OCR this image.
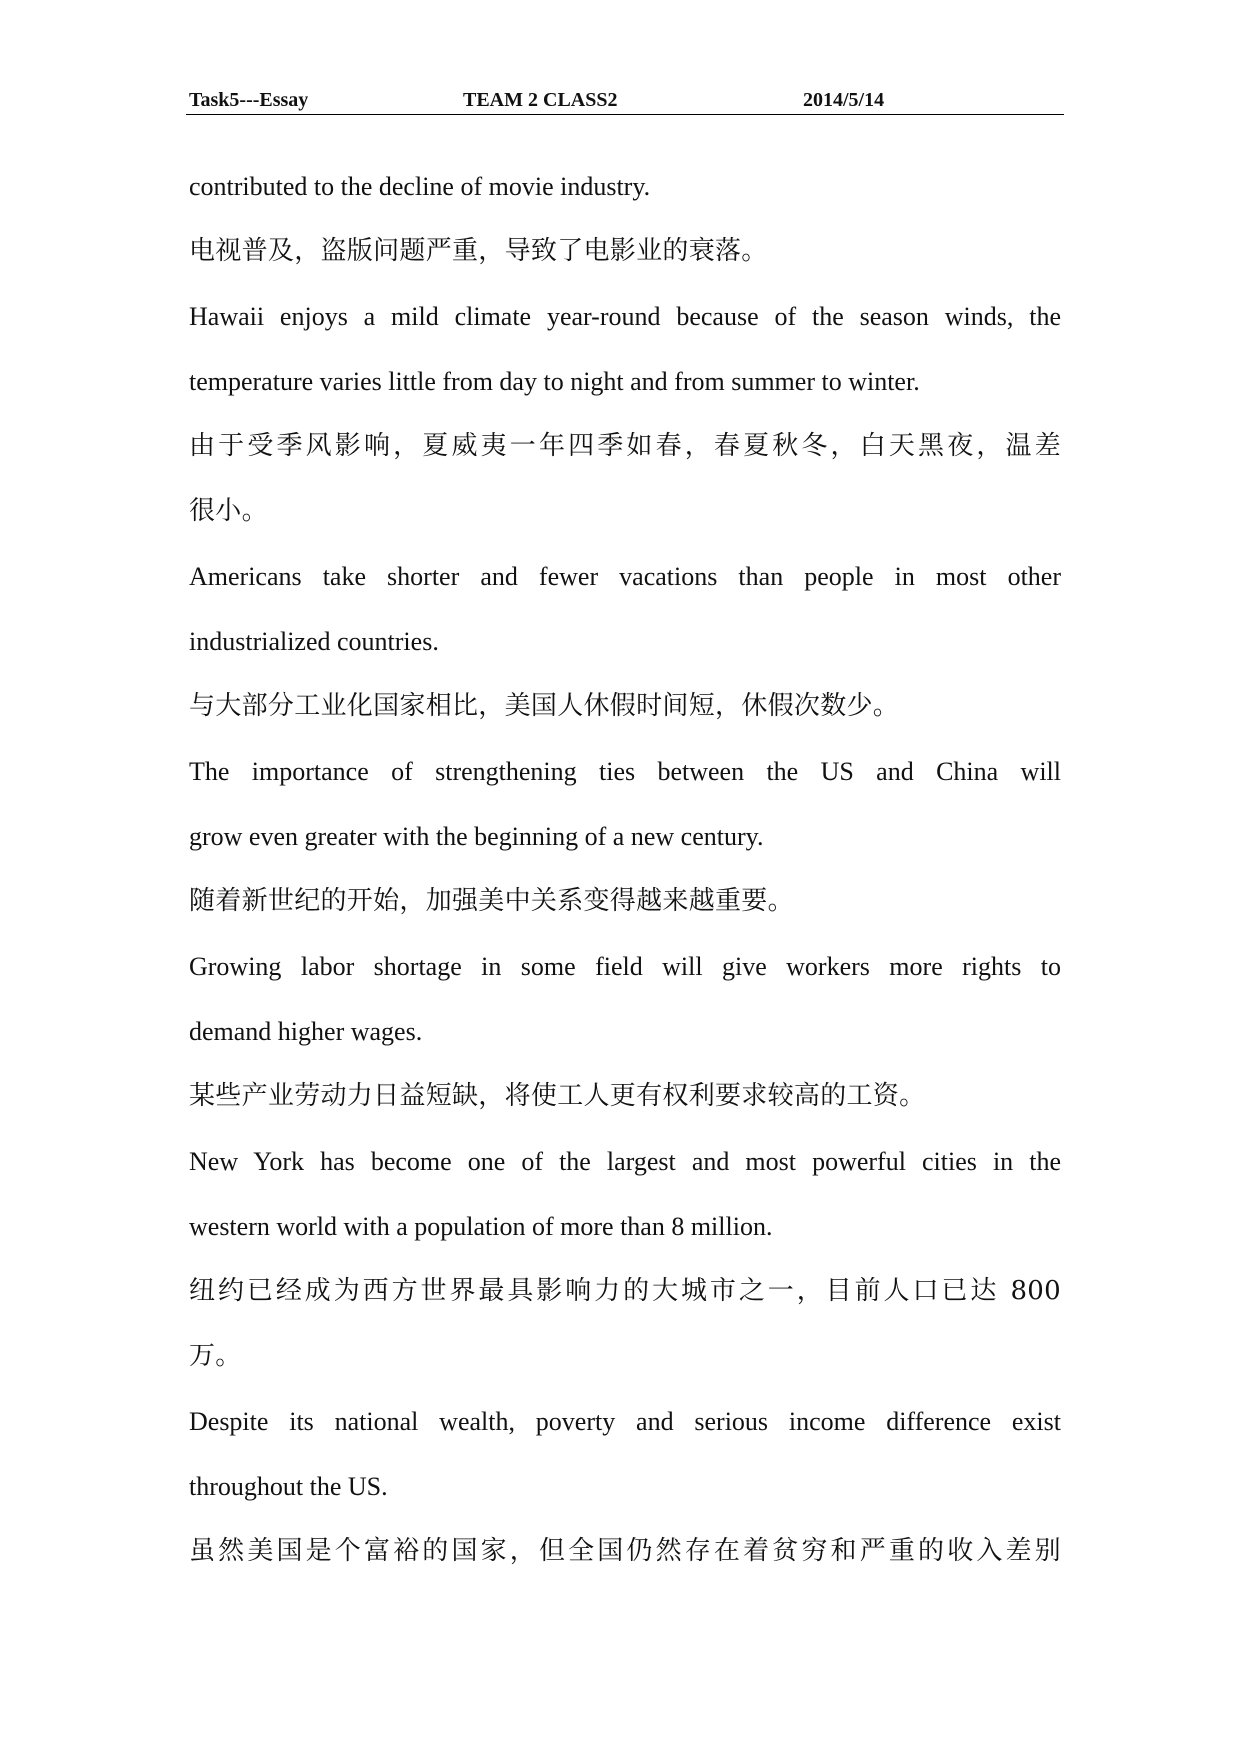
Task5---Essay	TEAM 2 CLASS2	2014/5/14
contributed to the decline of movie industry.
电视普及，盗版问题严重，导致了电影业的衰落。
Hawaii enjoys a mild climate year-round because of the season winds, the
temperature varies little from day to night and from summer to winter.
由于受季风影响，夏威夷一年四季如春，春夏秋冬，白天黑夜，温差
很小。
Americans take shorter and fewer vacations than people in most other
industrialized countries.
与大部分工业化国家相比，美国人休假时间短，休假次数少。
The importance of strengthening ties between the US and China will
grow even greater with the beginning of a new century.
随着新世纪的开始，加强美中关系变得越来越重要。
Growing labor shortage in some field will give workers more rights to
demand higher wages.
某些产业劳动力日益短缺，将使工人更有权利要求较高的工资。
New York has become one of the largest and most powerful cities in the
western world with a population of more than 8 million.
纽约已经成为西方世界最具影响力的大城市之一，目前人口已达 800
万。
Despite its national wealth, poverty and serious income difference exist
throughout the US.
虽然美国是个富裕的国家，但全国仍然存在着贫穷和严重的收入差别
